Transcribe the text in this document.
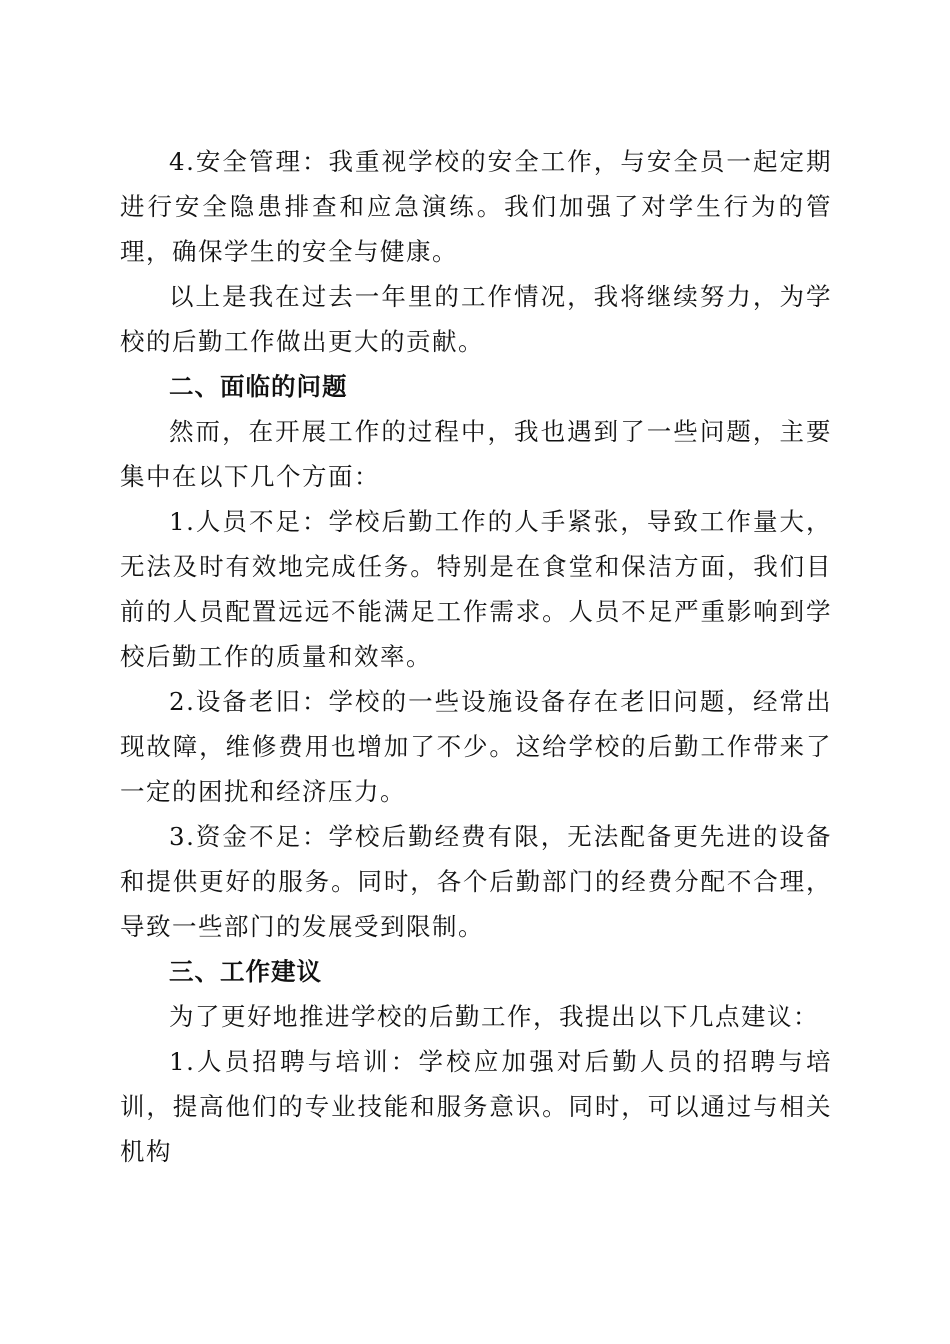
4.安全管理：我重视学校的安全工作，与安全员一起定期进行安全隐患排查和应急演练。我们加强了对学生行为的管理，确保学生的安全与健康。

以上是我在过去一年里的工作情况，我将继续努力，为学校的后勤工作做出更大的贡献。

二、面临的问题

然而，在开展工作的过程中，我也遇到了一些问题，主要集中在以下几个方面：

1.人员不足：学校后勤工作的人手紧张，导致工作量大，无法及时有效地完成任务。特别是在食堂和保洁方面，我们目前的人员配置远远不能满足工作需求。人员不足严重影响到学校后勤工作的质量和效率。

2.设备老旧：学校的一些设施设备存在老旧问题，经常出现故障，维修费用也增加了不少。这给学校的后勤工作带来了一定的困扰和经济压力。

3.资金不足：学校后勤经费有限，无法配备更先进的设备和提供更好的服务。同时，各个后勤部门的经费分配不合理，导致一些部门的发展受到限制。

三、工作建议

为了更好地推进学校的后勤工作，我提出以下几点建议：

1.人员招聘与培训：学校应加强对后勤人员的招聘与培训，提高他们的专业技能和服务意识。同时，可以通过与相关机构
